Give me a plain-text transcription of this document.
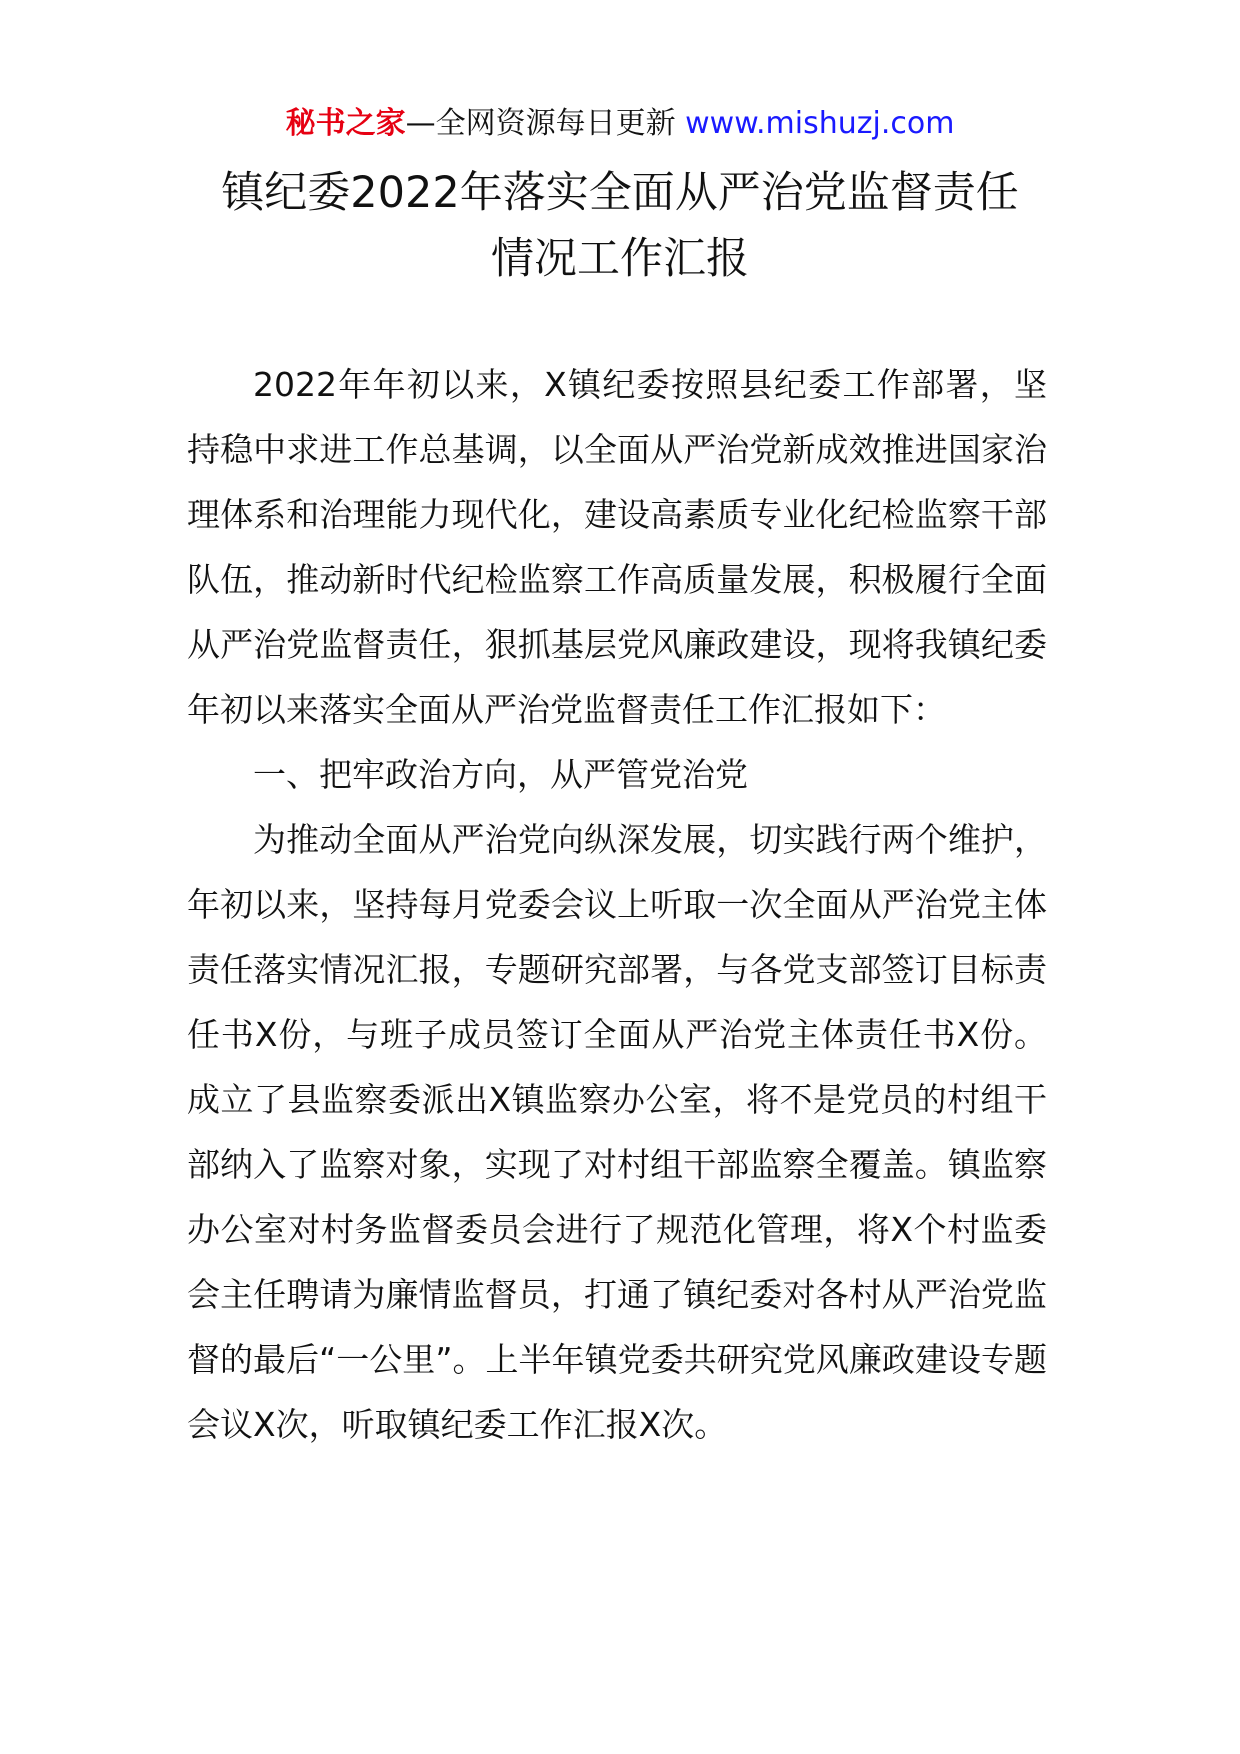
秘书之家—全网资源每日更新 www.mishuzj.com
镇纪委2022年落实全面从严治党监督责任
情况工作汇报

2022年年初以来，X镇纪委按照县纪委工作部署，坚持稳中求进工作总基调，以全面从严治党新成效推进国家治理体系和治理能力现代化，建设高素质专业化纪检监察干部队伍，推动新时代纪检监察工作高质量发展，积极履行全面从严治党监督责任，狠抓基层党风廉政建设，现将我镇纪委年初以来落实全面从严治党监督责任工作汇报如下：

一、把牢政治方向，从严管党治党

为推动全面从严治党向纵深发展，切实践行两个维护，年初以来，坚持每月党委会议上听取一次全面从严治党主体责任落实情况汇报，专题研究部署，与各党支部签订目标责任书X份，与班子成员签订全面从严治党主体责任书X份。成立了县监察委派出X镇监察办公室，将不是党员的村组干部纳入了监察对象，实现了对村组干部监察全覆盖。镇监察办公室对村务监督委员会进行了规范化管理，将X个村监委会主任聘请为廉情监督员，打通了镇纪委对各村从严治党监督的最后“一公里”。上半年镇党委共研究党风廉政建设专题会议X次，听取镇纪委工作汇报X次。
